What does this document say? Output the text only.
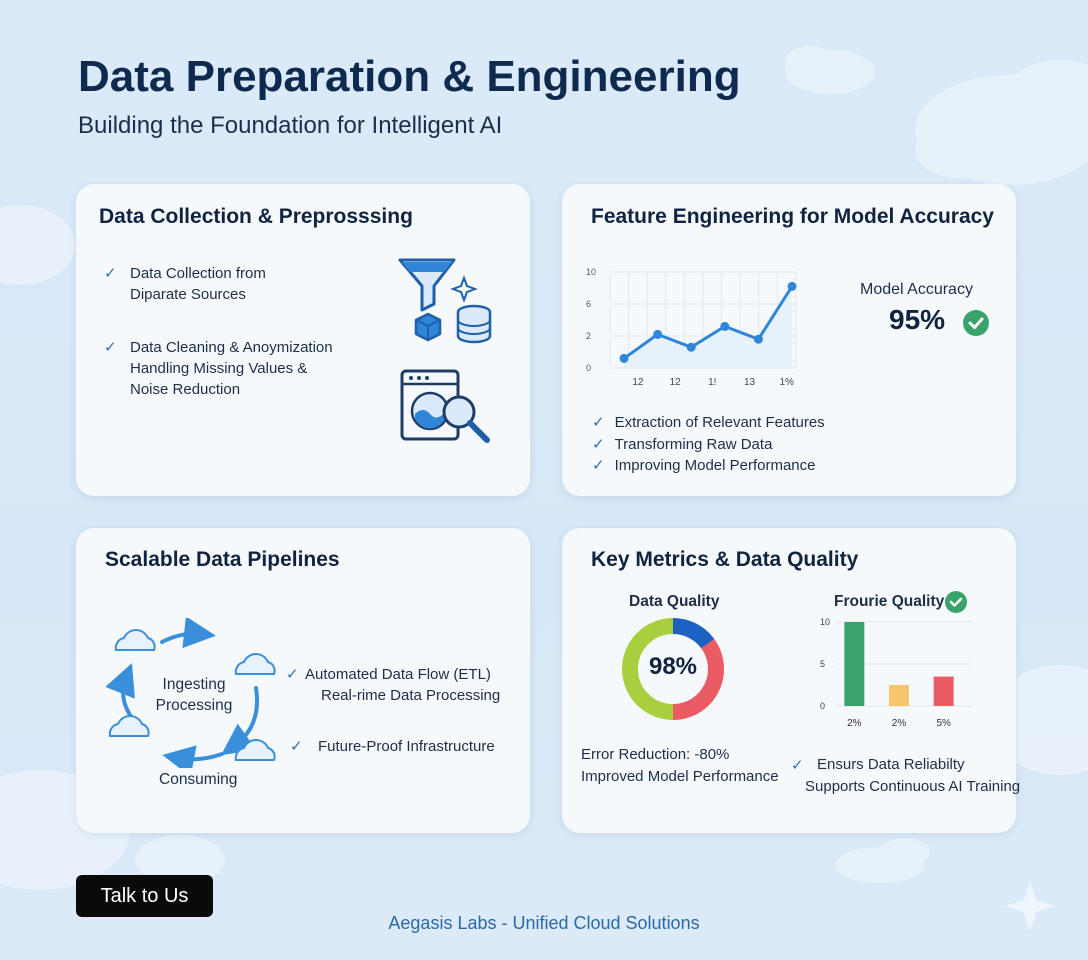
Data Preparation & Engineering
Building the Foundation for Intelligent AI
Data Collection & Preprosssing
✓ Data Collection from
Diparate Sources
✓ Data Cleaning & Anoymization
Handling Missing Values &
Noise Reduction
Feature Engineering for Model Accuracy
0
2
6
10
12	12	1!	13 1%
Model Accuracy
95%
✓ Extraction of Relevant Features
✓ Transforming Raw Data
✓ Improving Model Performance
Scalable Data Pipelines
Ingesting
Processing
Consuming
✓ Automated Data Flow (ETL)
Real-rime Data Processing
✓ Future-Proof Infrastructure
Key Metrics & Data Quality
Data Quality
98%
Frourie Quality
0
5
10
2%	2%	5%
Error Reduction: -80%
Improved Model Performance
✓ Ensurs Data Reliabilty
Supports Continuous AI Training
Talk to Us
Aegasis Labs - Unified Cloud Solutions
